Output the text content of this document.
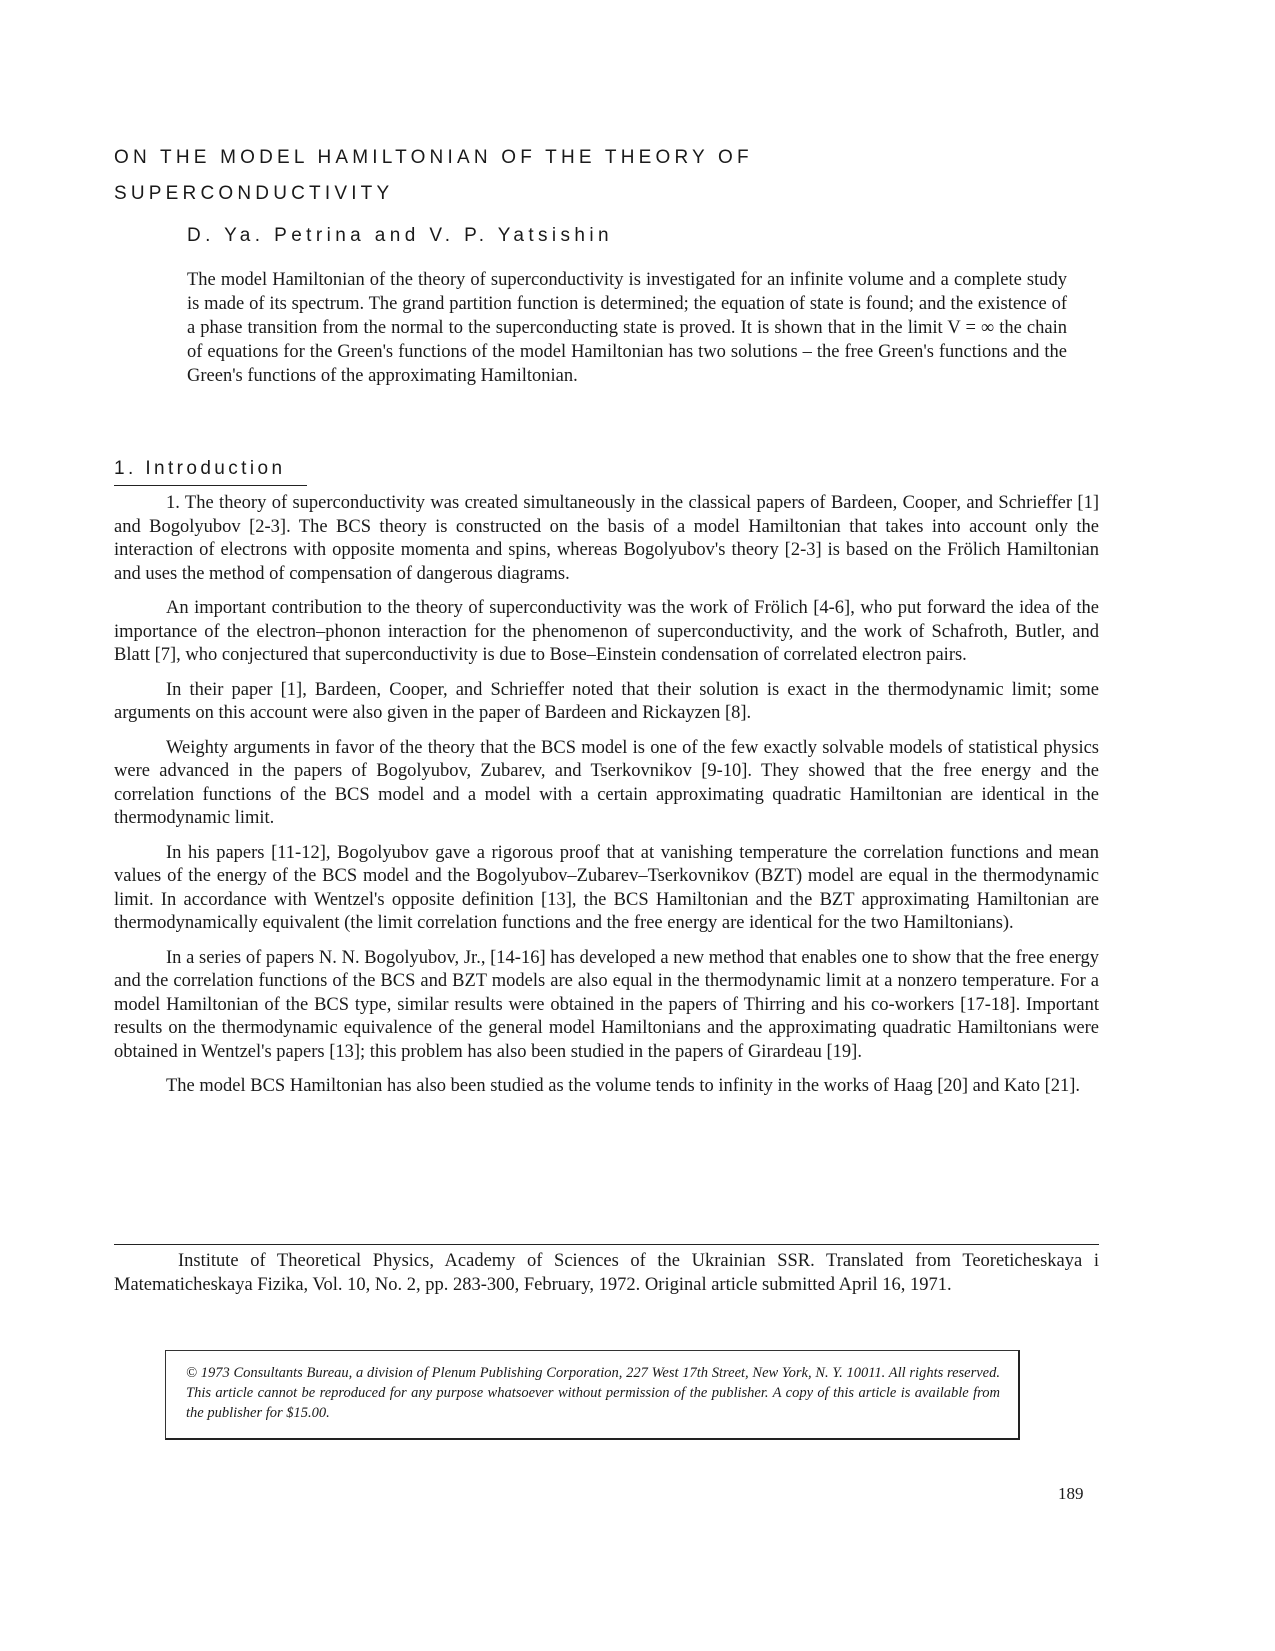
ON THE MODEL HAMILTONIAN OF THE THEORY OF SUPERCONDUCTIVITY

D. Ya. Petrina and V. P. Yatsishin

The model Hamiltonian of the theory of superconductivity is investigated for an infinite volume and a complete study is made of its spectrum. The grand partition function is determined; the equation of state is found; and the existence of a phase transition from the normal to the superconducting state is proved. It is shown that in the limit V = ∞ the chain of equations for the Green's functions of the model Hamiltonian has two solutions – the free Green's functions and the Green's functions of the approximating Hamiltonian.

1. Introduction

1. The theory of superconductivity was created simultaneously in the classical papers of Bardeen, Cooper, and Schrieffer [1] and Bogolyubov [2-3]. The BCS theory is constructed on the basis of a model Hamiltonian that takes into account only the interaction of electrons with opposite momenta and spins, whereas Bogolyubov's theory [2-3] is based on the Frölich Hamiltonian and uses the method of compensation of dangerous diagrams.

An important contribution to the theory of superconductivity was the work of Frölich [4-6], who put forward the idea of the importance of the electron–phonon interaction for the phenomenon of superconductivity, and the work of Schafroth, Butler, and Blatt [7], who conjectured that superconductivity is due to Bose–Einstein condensation of correlated electron pairs.

In their paper [1], Bardeen, Cooper, and Schrieffer noted that their solution is exact in the thermodynamic limit; some arguments on this account were also given in the paper of Bardeen and Rickayzen [8].

Weighty arguments in favor of the theory that the BCS model is one of the few exactly solvable models of statistical physics were advanced in the papers of Bogolyubov, Zubarev, and Tserkovnikov [9-10]. They showed that the free energy and the correlation functions of the BCS model and a model with a certain approximating quadratic Hamiltonian are identical in the thermodynamic limit.

In his papers [11-12], Bogolyubov gave a rigorous proof that at vanishing temperature the correlation functions and mean values of the energy of the BCS model and the Bogolyubov–Zubarev–Tserkovnikov (BZT) model are equal in the thermodynamic limit. In accordance with Wentzel's opposite definition [13], the BCS Hamiltonian and the BZT approximating Hamiltonian are thermodynamically equivalent (the limit correlation functions and the free energy are identical for the two Hamiltonians).

In a series of papers N. N. Bogolyubov, Jr., [14-16] has developed a new method that enables one to show that the free energy and the correlation functions of the BCS and BZT models are also equal in the thermodynamic limit at a nonzero temperature. For a model Hamiltonian of the BCS type, similar results were obtained in the papers of Thirring and his co-workers [17-18]. Important results on the thermodynamic equivalence of the general model Hamiltonians and the approximating quadratic Hamiltonians were obtained in Wentzel's papers [13]; this problem has also been studied in the papers of Girardeau [19].

The model BCS Hamiltonian has also been studied as the volume tends to infinity in the works of Haag [20] and Kato [21].

Institute of Theoretical Physics, Academy of Sciences of the Ukrainian SSR. Translated from Teoreticheskaya i Matematicheskaya Fizika, Vol. 10, No. 2, pp. 283-300, February, 1972. Original article submitted April 16, 1971.

© 1973 Consultants Bureau, a division of Plenum Publishing Corporation, 227 West 17th Street, New York, N. Y. 10011. All rights reserved. This article cannot be reproduced for any purpose whatsoever without permission of the publisher. A copy of this article is available from the publisher for $15.00.

189
